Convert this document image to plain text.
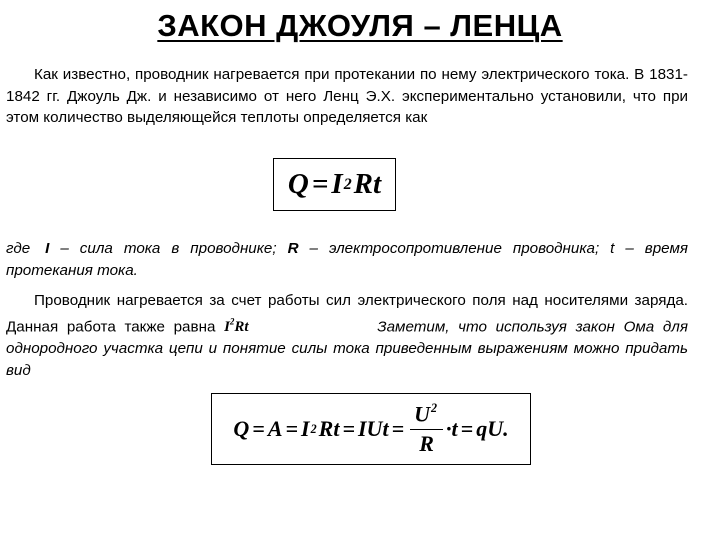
ЗАКОН ДЖОУЛЯ – ЛЕНЦА

Как известно, проводник нагревается при протекании по нему электрического тока. В 1831-1842 гг. Джоуль Дж. и независимо от него Ленц Э.Х. экспериментально установили, что при этом количество выделяющейся теплоты определяется как

Q = I 2 Rt

где I – сила тока в проводнике; R – электросопротивление проводника; t – время протекания тока.

Проводник нагревается за счет работы сил электрического поля над носителями заряда. Данная работа также равна $I^2Rt$	Заметим, что используя закон Ома для однородного участка цепи и понятие силы тока приведенным выражениям можно придать вид

Q = A = I 2 Rt = IUt = $\frac{U^2}{R} \cdot t$ = qU .
